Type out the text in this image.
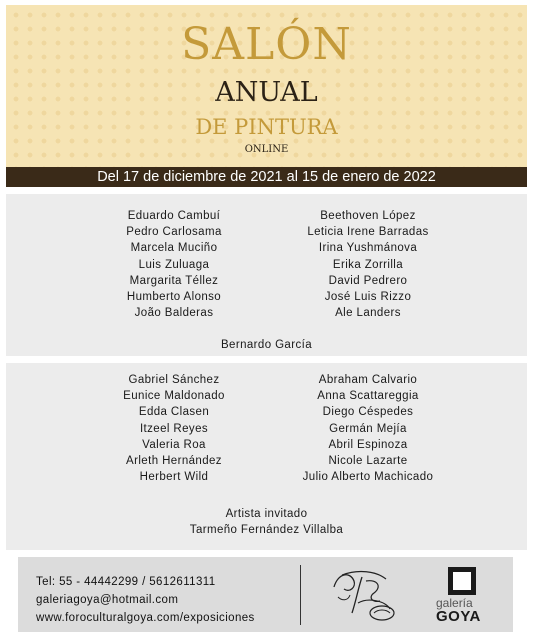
SALÓN
ANUAL
DE PINTURA
ONLINE
Del 17 de diciembre de 2021 al 15 de enero de 2022
Eduardo Cambuí
Pedro Carlosama
Marcela Muciño
Luis Zuluaga
Margarita Téllez
Humberto Alonso
João Balderas
Beethoven López
Leticia Irene Barradas
Irina Yushmánova
Erika Zorrilla
David Pedrero
José Luis Rizzo
Ale Landers
Bernardo García
Gabriel Sánchez
Eunice Maldonado
Edda Clasen
Itzeel Reyes
Valeria Roa
Arleth Hernández
Herbert Wild
Abraham Calvario
Anna Scattareggia
Diego Céspedes
Germán Mejía
Abril Espinoza
Nicole Lazarte
Julio Alberto Machicado
Artista invitado
Tarmeño Fernández Villalba
Tel: 55 - 44442299 / 5612611311
galeriagoya@hotmail.com
www.foroculturalgoya.com/exposiciones
galería
GOYA
